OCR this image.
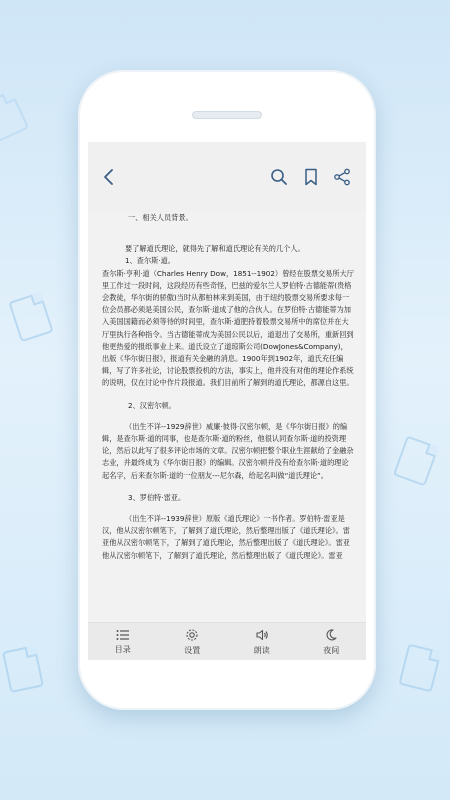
一、相关人员背景。

要了解道氏理论，就得先了解和道氏理论有关的几个人。

1、查尔斯·道。

查尔斯·亨利·道（Charles Henry Dow，1851--1902）曾经在股票交易所大厅里工作过一段时间，这段经历有些奇怪，巴兹的爱尔兰人罗伯特·古德能蒂(贵格会教徒，华尔街的骄傲)当时从都柏林来到美国，由于纽约股票交易所要求每一位会员都必须是美国公民，查尔斯·道成了他的合伙人。在罗伯特·古德能蒂为加入美国国籍而必须等待的时间里，查尔斯·道肥持着股票交易所中的席位并在大厅里执行各种指令。当古德能蒂成为美国公民以后，道退出了交易所，重新回到他更热爱的报纸事业上来。道氏设立了道琼斯公司(DowJones&Company)，出版《华尔街日报》，报道有关金融的消息。1900年到1902年，道氏充任编辑，写了许多社论，讨论股票投机的方法，事实上，他并没有对他的理论作系统的说明，仅在讨论中作片段报道。我们目前所了解到的道氏理论，都源自这里。

2、汉密尔顿。

（出生不详--1929辞世）威廉·彼得·汉密尔顿，是《华尔街日报》的编辑，是查尔斯·道的同事，也是查尔斯·道的粉丝，他很认同查尔斯·道的投资理论，然后以此写了很多评论市场的文章。汉密尔顿把整个职业生涯献给了金融杂志业，并最终成为《华尔街日报》的编辑。汉密尔顿并没有给查尔斯·道的理论起名字，后来查尔斯·道的一位朋友---尼尔森，给起名叫做“道氏理论”。

3、罗伯特·雷亚。

（出生不详--1939辞世）原版《道氏理论》一书作者。罗伯特·雷亚是汉，他从汉密尔顿笔下，了解到了道氏理论，然后整理出版了《道氏理论》。雷亚他从汉密尔顿笔下，了解到了道氏理论，然后整理出版了《道氏理论》。雷亚他从汉密尔顿笔下，了解到了道氏理论，然后整理出版了《道氏理论》。雷亚

目录	设置	朗读	夜间
